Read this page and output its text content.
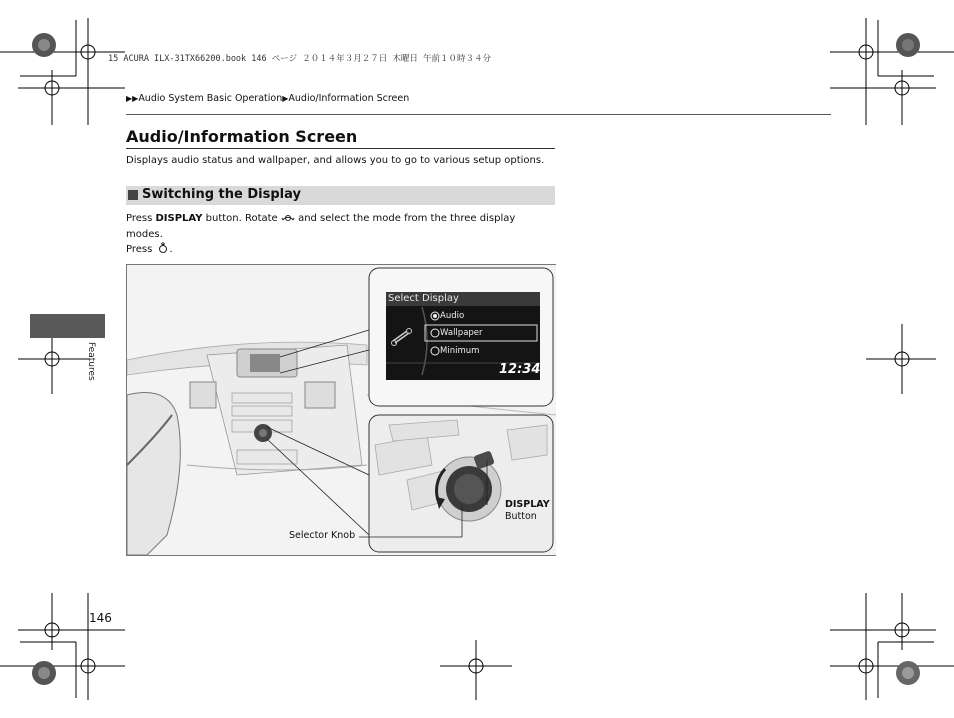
15 ACURA ILX-31TX66200.book 146 ページ ２０１４年３月２７日 木曜日 午前１０時３４分
▶▶Audio System Basic Operation▶Audio/Information Screen
Audio/Information Screen
Displays audio status and wallpaper, and allows you to go to various setup options.
Switching the Display
Press DISPLAY button. Rotate  and select the mode from the three display modes.
Press .
Select Display
Audio
Wallpaper
Minimum
12:34
DISPLAY
Button
Selector Knob
Features
146
